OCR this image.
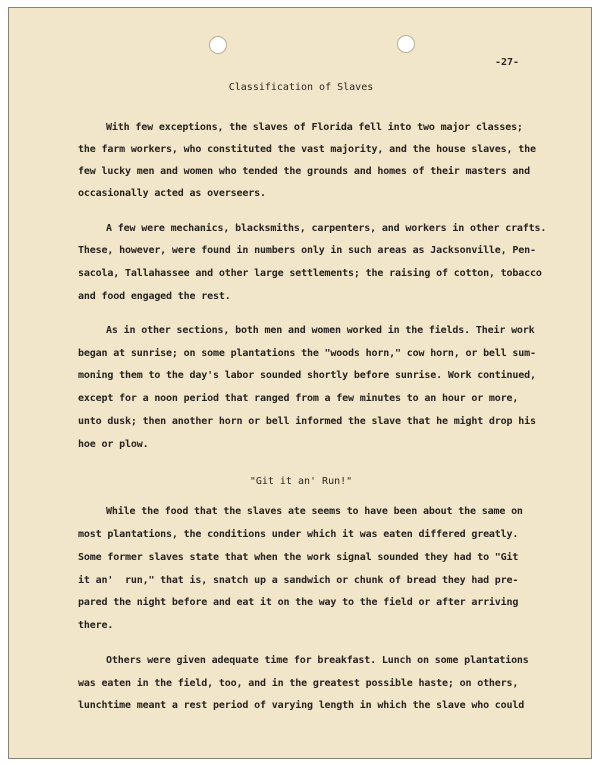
-27-
Classification of Slaves
With few exceptions, the slaves of Florida fell into two major classes;
the farm workers, who constituted the vast majority, and the house slaves, the
few lucky men and women who tended the grounds and homes of their masters and
occasionally acted as overseers.
A few were mechanics, blacksmiths, carpenters, and workers in other crafts.
These, however, were found in numbers only in such areas as Jacksonville, Pen-
sacola, Tallahassee and other large settlements; the raising of cotton, tobacco
and food engaged the rest.
As in other sections, both men and women worked in the fields. Their work
began at sunrise; on some plantations the "woods horn," cow horn, or bell sum-
moning them to the day's labor sounded shortly before sunrise. Work continued,
except for a noon period that ranged from a few minutes to an hour or more,
unto dusk; then another horn or bell informed the slave that he might drop his
hoe or plow.
"Git it an' Run!"
While the food that the slaves ate seems to have been about the same on
most plantations, the conditions under which it was eaten differed greatly.
Some former slaves state that when the work signal sounded they had to "Git
it an'  run," that is, snatch up a sandwich or chunk of bread they had pre-
pared the night before and eat it on the way to the field or after arriving
there.
Others were given adequate time for breakfast. Lunch on some plantations
was eaten in the field, too, and in the greatest possible haste; on others,
lunchtime meant a rest period of varying length in which the slave who could
